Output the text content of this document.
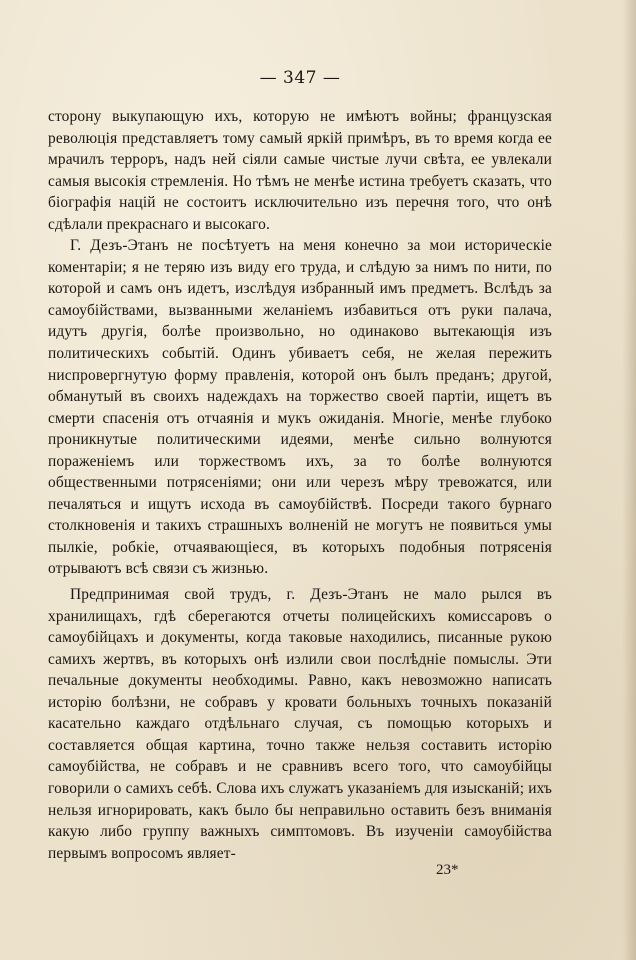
— 347 —

сторону выкупающую ихъ, которую не имѣютъ войны; французская революція представляетъ тому самый яркій примѣръ, въ то время когда ее мрачилъ терроръ, надъ ней сіяли самые чистые лучи свѣта, ее увлекали самыя высокія стремленія. Но тѣмъ не менѣе истина требуетъ сказать, что біографія націй не состоитъ исключительно изъ перечня того, что онѣ сдѣлали прекраснаго и высокаго.

Г. Дезъ-Этанъ не посѣтуетъ на меня конечно за мои историческіе коментаріи; я не теряю изъ виду его труда, и слѣдую за нимъ по нити, по которой и самъ онъ идетъ, изслѣдуя избранный имъ предметъ. Вслѣдъ за самоубійствами, вызванными желаніемъ избавиться отъ руки палача, идутъ другія, болѣе произвольно, но одинаково вытекающія изъ политическихъ событій. Одинъ убиваетъ себя, не желая пережить ниспровергнутую форму правленія, которой онъ былъ преданъ; другой, обманутый въ своихъ надеждахъ на торжество своей партіи, ищетъ въ смерти спасенія отъ отчаянія и мукъ ожиданія. Многіе, менѣе глубоко проникнутые политическими идеями, менѣе сильно волнуются пораженіемъ или торжествомъ ихъ, за то болѣе волнуются общественными потрясеніями; они или черезъ мѣру тревожатся, или печаляться и ищутъ исхода въ самоубійствѣ. Посреди такого бурнаго столкновенія и такихъ страшныхъ волненій не могутъ не появиться умы пылкіе, робкіе, отчаявающіеся, въ которыхъ подобныя потрясенія отрываютъ всѣ связи съ жизнью.

Предпринимая свой трудъ, г. Дезъ-Этанъ не мало рылся въ хранилищахъ, гдѣ сберегаются отчеты полицейскихъ комиссаровъ о самоубійцахъ и документы, когда таковые находились, писанные рукою самихъ жертвъ, въ которыхъ онѣ излили свои послѣдніе помыслы. Эти печальные документы необходимы. Равно, какъ невозможно написать исторію болѣзни, не собравъ у кровати больныхъ точныхъ показаній касательно каждаго отдѣльнаго случая, съ помощью которыхъ и составляется общая картина, точно также нельзя составить исторію самоубійства, не собравъ и не сравнивъ всего того, что самоубійцы говорили о самихъ себѣ. Слова ихъ служатъ указаніемъ для изысканій; ихъ нельзя игнорировать, какъ было бы неправильно оставить безъ вниманія какую либо группу важныхъ симптомовъ. Въ изученіи самоубійства первымъ вопросомъ являет-

23*
